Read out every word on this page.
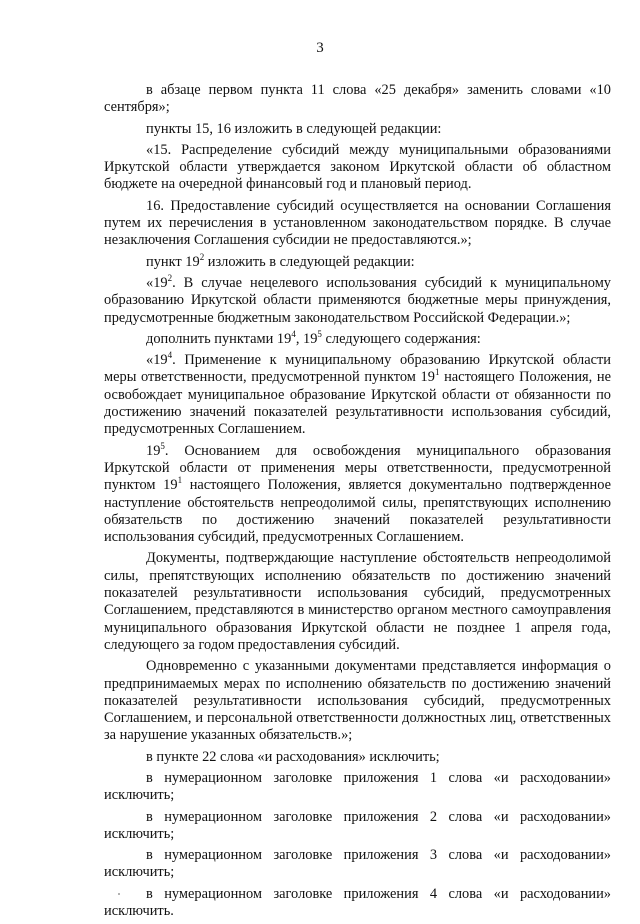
3

в абзаце первом пункта 11 слова «25 декабря» заменить словами «10 сентября»;

пункты 15, 16 изложить в следующей редакции:

«15. Распределение субсидий между муниципальными образованиями Иркутской области утверждается законом Иркутской области об областном бюджете на очередной финансовый год и плановый период.

16. Предоставление субсидий осуществляется на основании Соглашения путем их перечисления в установленном законодательством порядке. В случае незаключения Соглашения субсидии не предоставляются.»;

пункт $19^2$ изложить в следующей редакции:

«$19^2$. В случае нецелевого использования субсидий к муниципальному образованию Иркутской области применяются бюджетные меры принуждения, предусмотренные бюджетным законодательством Российской Федерации.»;

дополнить пунктами $19^4$, $19^5$ следующего содержания:

«$19^4$. Применение к муниципальному образованию Иркутской области меры ответственности, предусмотренной пунктом $19^1$ настоящего Положения, не освобождает муниципальное образование Иркутской области от обязанности по достижению значений показателей результативности использования субсидий, предусмотренных Соглашением.

$19^5$. Основанием для освобождения муниципального образования Иркутской области от применения меры ответственности, предусмотренной пунктом $19^1$ настоящего Положения, является документально подтвержденное наступление обстоятельств непреодолимой силы, препятствующих исполнению обязательств по достижению значений показателей результативности использования субсидий, предусмотренных Соглашением.

Документы, подтверждающие наступление обстоятельств непреодолимой силы, препятствующих исполнению обязательств по достижению значений показателей результативности использования субсидий, предусмотренных Соглашением, представляются в министерство органом местного самоуправления муниципального образования Иркутской области не позднее 1 апреля года, следующего за годом предоставления субсидий.

Одновременно с указанными документами представляется информация о предпринимаемых мерах по исполнению обязательств по достижению значений показателей результативности использования субсидий, предусмотренных Соглашением, и персональной ответственности должностных лиц, ответственных за нарушение указанных обязательств.»;

в пункте 22 слова «и расходования» исключить;

в нумерационном заголовке приложения 1 слова «и расходовании» исключить;

в нумерационном заголовке приложения 2 слова «и расходовании» исключить;

в нумерационном заголовке приложения 3 слова «и расходовании» исключить;

в нумерационном заголовке приложения 4 слова «и расходовании» исключить.
